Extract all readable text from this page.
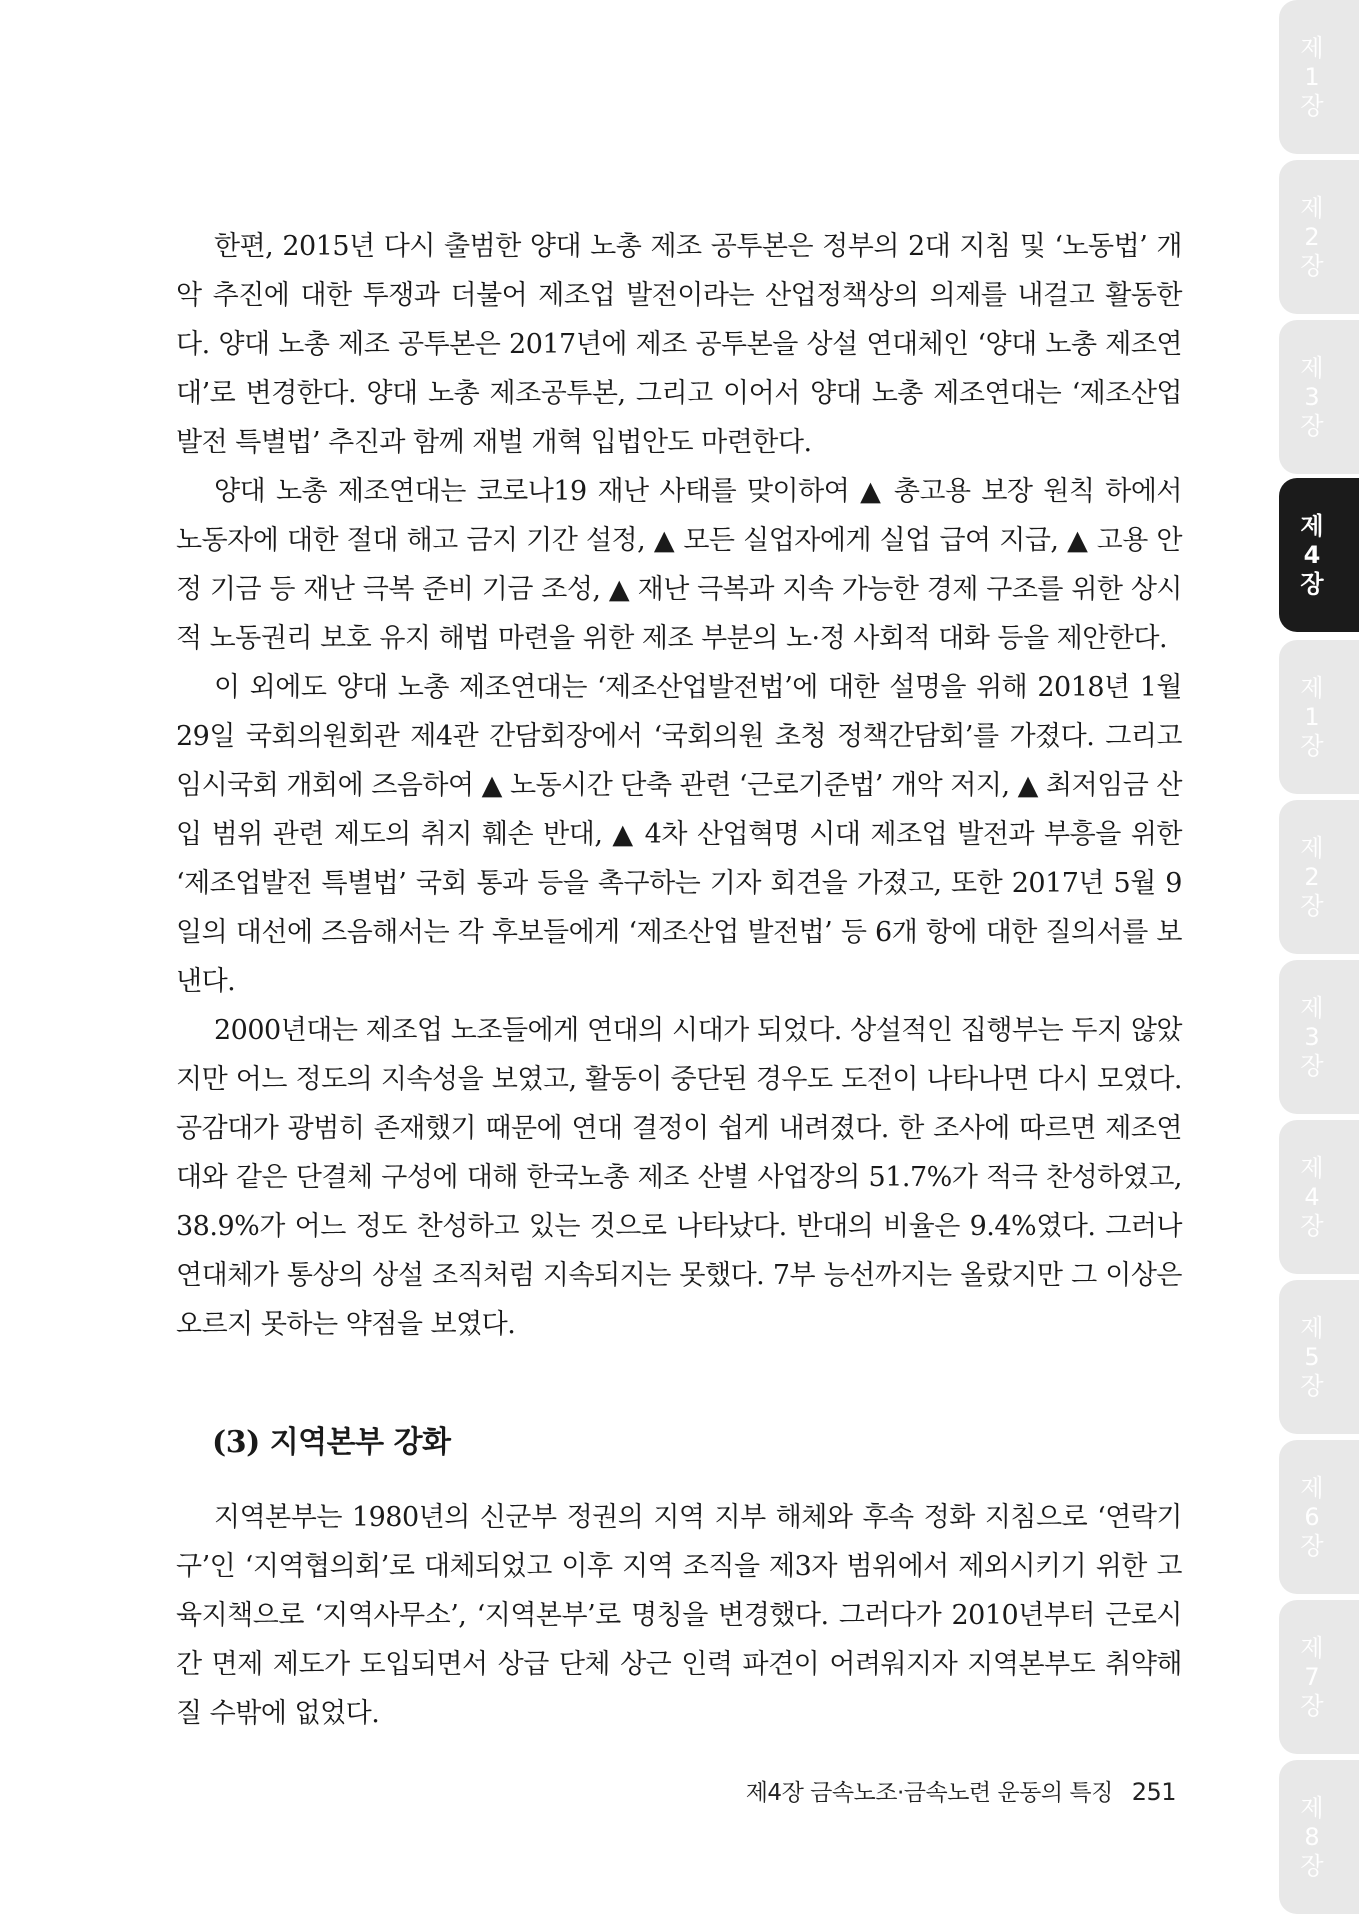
한편, 2015년 다시 출범한 양대 노총 제조 공투본은 정부의 2대 지침 및 ‘노동법’ 개악 추진에 대한 투쟁과 더불어 제조업 발전이라는 산업정책상의 의제를 내걸고 활동한다. 양대 노총 제조 공투본은 2017년에 제조 공투본을 상설 연대체인 ‘양대 노총 제조연대’로 변경한다. 양대 노총 제조공투본, 그리고 이어서 양대 노총 제조연대는 ‘제조산업 발전 특별법’ 추진과 함께 재벌 개혁 입법안도 마련한다.

양대 노총 제조연대는 코로나19 재난 사태를 맞이하여 ▲ 총고용 보장 원칙 하에서 노동자에 대한 절대 해고 금지 기간 설정, ▲ 모든 실업자에게 실업 급여 지급, ▲ 고용 안정 기금 등 재난 극복 준비 기금 조성, ▲ 재난 극복과 지속 가능한 경제 구조를 위한 상시적 노동권리 보호 유지 해법 마련을 위한 제조 부분의 노·정 사회적 대화 등을 제안한다.

이 외에도 양대 노총 제조연대는 ‘제조산업발전법’에 대한 설명을 위해 2018년 1월 29일 국회의원회관 제4관 간담회장에서 ‘국회의원 초청 정책간담회’를 가졌다. 그리고 임시국회 개회에 즈음하여 ▲ 노동시간 단축 관련 ‘근로기준법’ 개악 저지, ▲ 최저임금 산입 범위 관련 제도의 취지 훼손 반대, ▲ 4차 산업혁명 시대 제조업 발전과 부흥을 위한 ‘제조업발전 특별법’ 국회 통과 등을 촉구하는 기자 회견을 가졌고, 또한 2017년 5월 9일의 대선에 즈음해서는 각 후보들에게 ‘제조산업 발전법’ 등 6개 항에 대한 질의서를 보낸다.

2000년대는 제조업 노조들에게 연대의 시대가 되었다. 상설적인 집행부는 두지 않았지만 어느 정도의 지속성을 보였고, 활동이 중단된 경우도 도전이 나타나면 다시 모였다. 공감대가 광범히 존재했기 때문에 연대 결정이 쉽게 내려졌다. 한 조사에 따르면 제조연대와 같은 단결체 구성에 대해 한국노총 제조 산별 사업장의 51.7%가 적극 찬성하였고, 38.9%가 어느 정도 찬성하고 있는 것으로 나타났다. 반대의 비율은 9.4%였다. 그러나 연대체가 통상의 상설 조직처럼 지속되지는 못했다. 7부 능선까지는 올랐지만 그 이상은 오르지 못하는 약점을 보였다.

(3) 지역본부 강화

지역본부는 1980년의 신군부 정권의 지역 지부 해체와 후속 정화 지침으로 ‘연락기구’인 ‘지역협의회’로 대체되었고 이후 지역 조직을 제3자 범위에서 제외시키기 위한 고육지책으로 ‘지역사무소’, ‘지역본부’로 명칭을 변경했다. 그러다가 2010년부터 근로시간 면제 제도가 도입되면서 상급 단체 상근 인력 파견이 어려워지자 지역본부도 취약해질 수밖에 없었다.

제4장 금속노조·금속노련 운동의 특징 251
제
1
장
제
2
장
제
3
장
제
4
장
제
1
장
제
2
장
제
3
장
제
4
장
제
5
장
제
6
장
제
7
장
제
8
장
